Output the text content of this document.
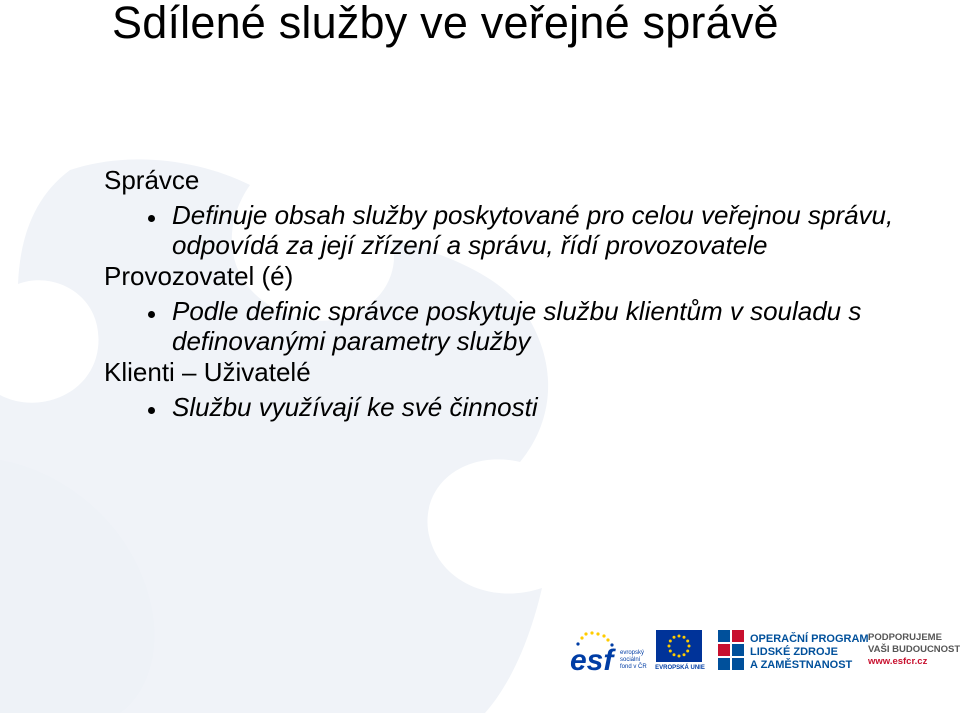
Sdílené služby ve veřejné správě
Správce
Definuje obsah služby poskytované pro celou veřejnou správu, odpovídá za její zřízení a správu, řídí provozovatele
Provozovatel (é)
Podle definic správce poskytuje službu klientům v souladu s definovanými parametry služby
Klienti – Uživatelé
Službu využívají ke své činnosti
esf	evropský
sociální
fond v ČR	EVROPSKÁ UNIE
OPERAČNÍ PROGRAM
LIDSKÉ ZDROJE
A ZAMĚSTNANOST
PODPORUJEME
VAŠI BUDOUCNOST
www.esfcr.cz
